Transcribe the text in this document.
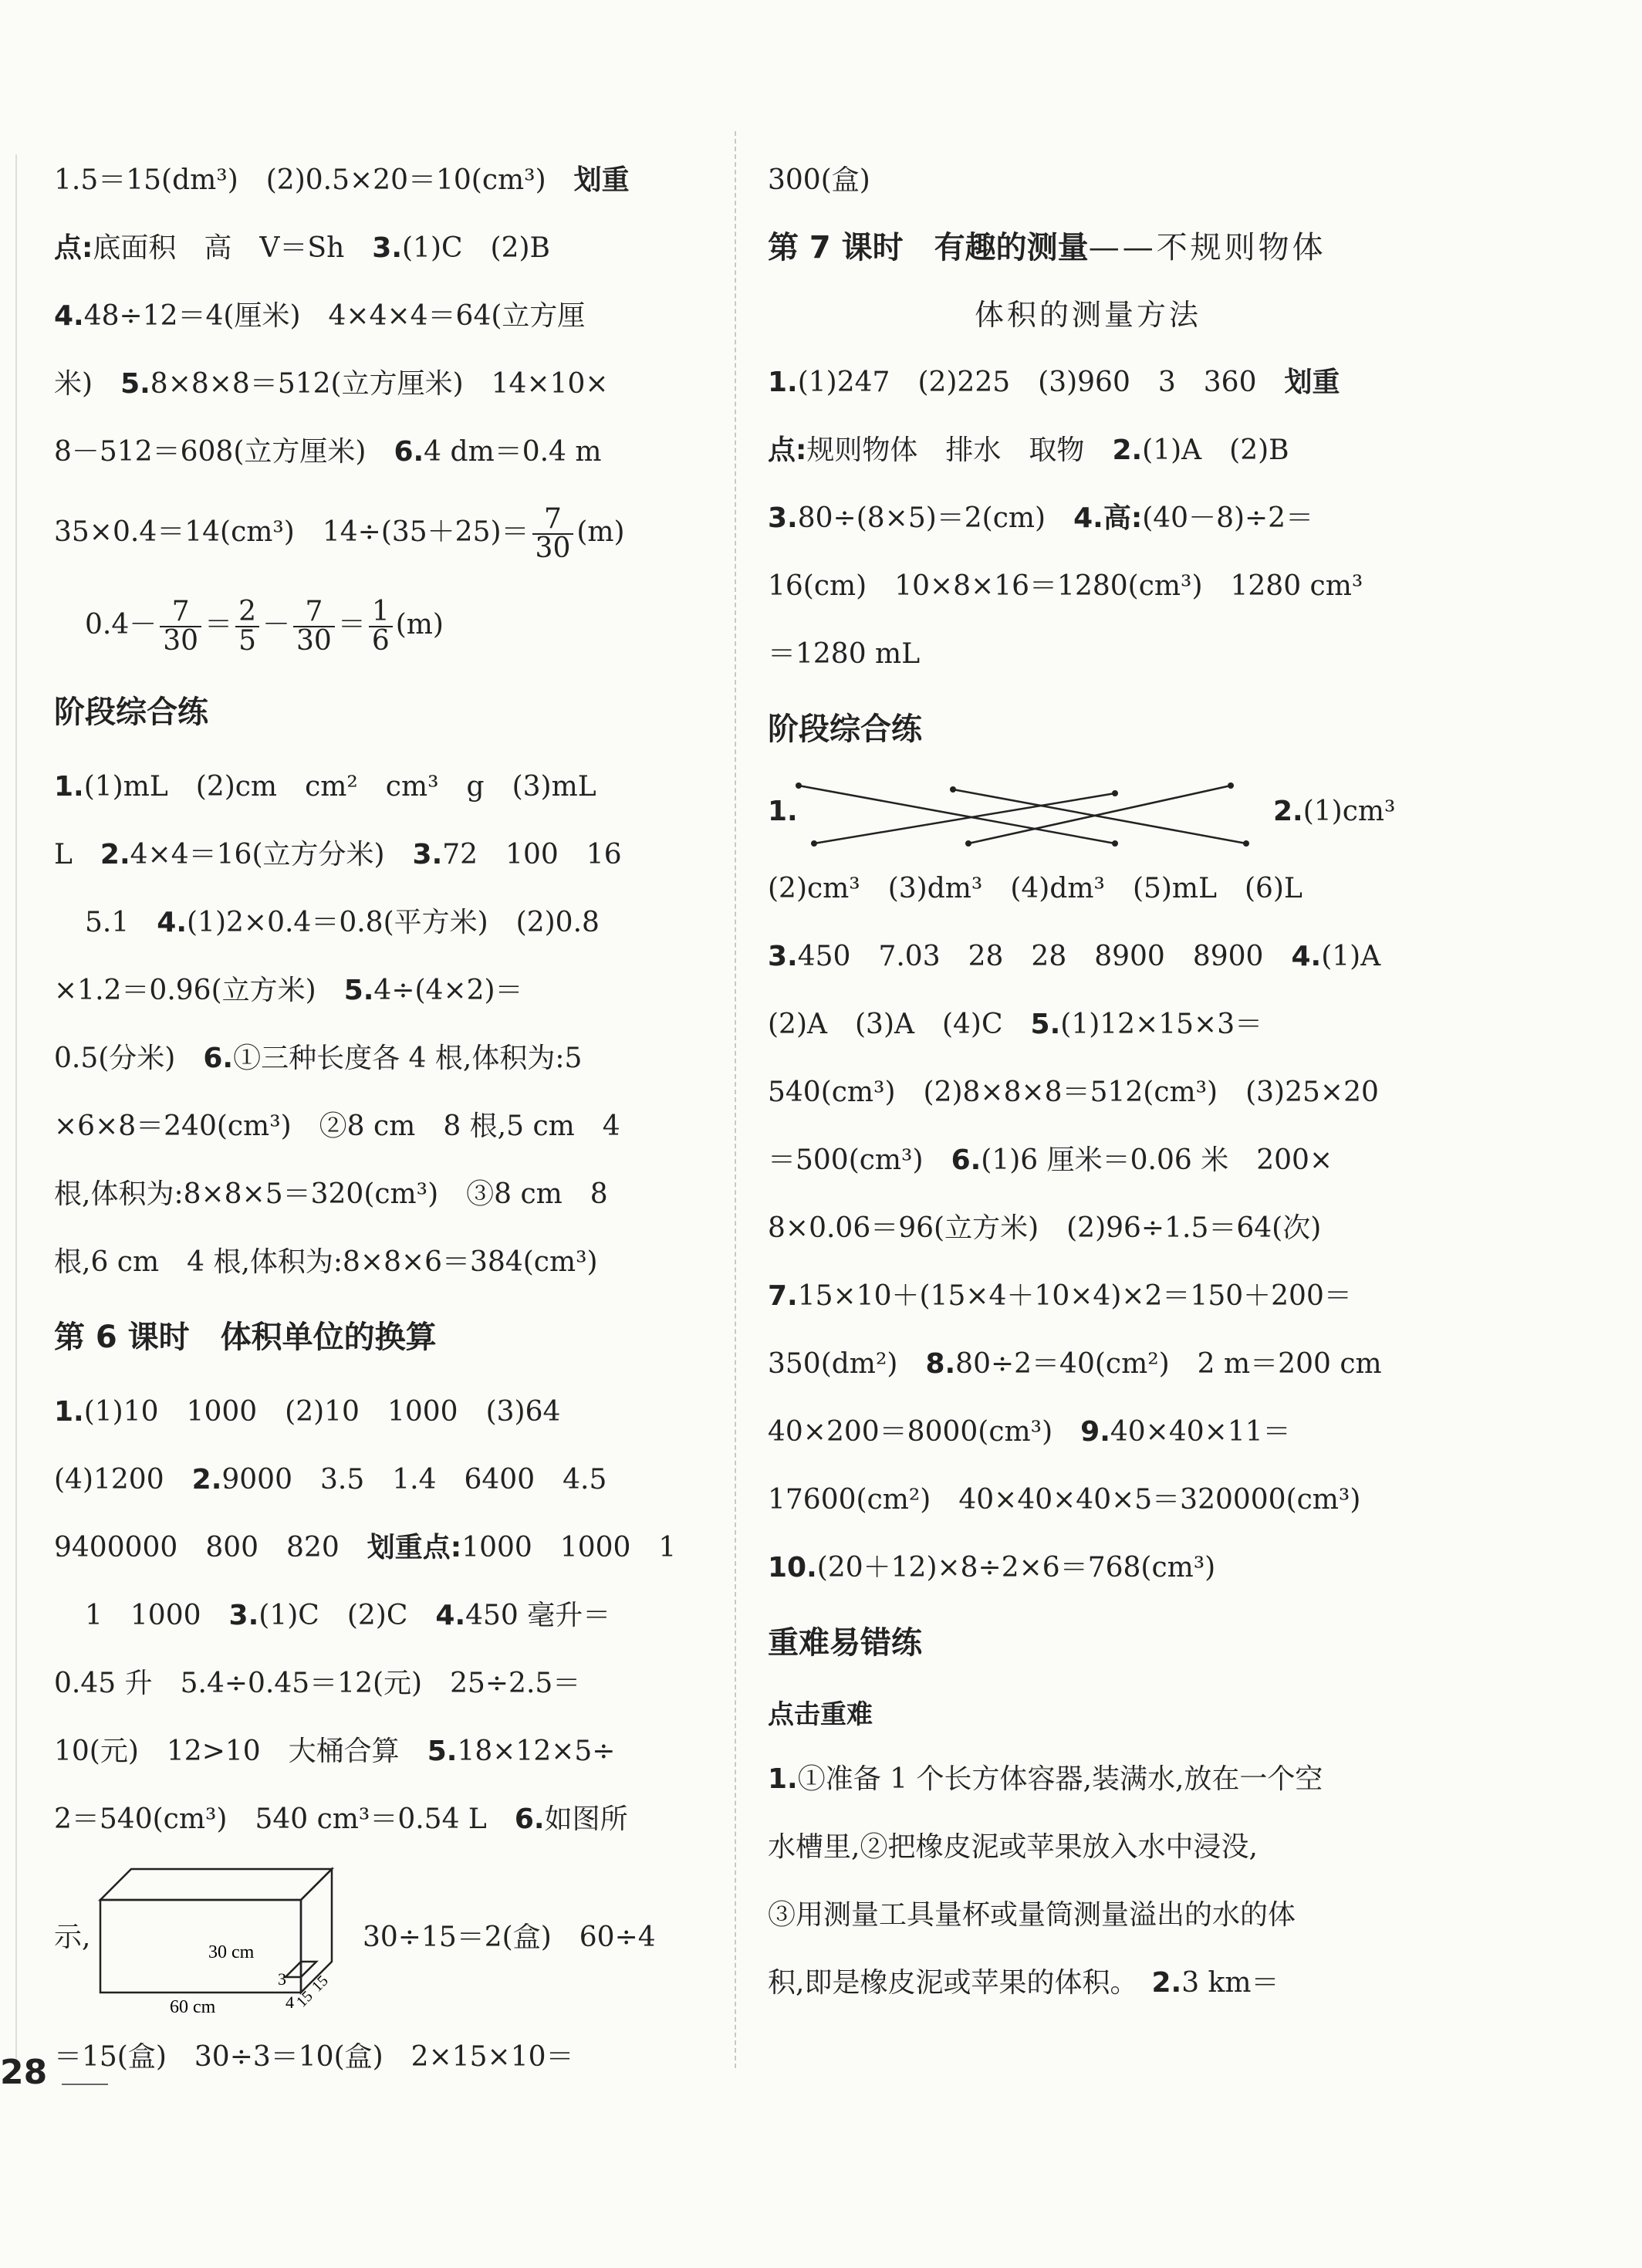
1.5＝15(dm³)　(2)0.5×20＝10(cm³)　 划重

点:底面积　高　V＝Sh　 3.(1)C　(2)B

4.48÷12＝4(厘米)　4×4×4＝64(立方厘

米)　 5.8×8×8＝512(立方厘米)　14×10×

8－512＝608(立方厘米)　 6.4 dm＝0.4 m

35×0.4＝14(cm³)　$14\div(35+25)= \frac{7}{30} (m)$

$0.4- \frac{7}{30} = \frac{2}{5} - \frac{7}{30} = \frac{1}{6} (m)$

阶段综合练

1.(1)mL　(2)cm　cm²　cm³　g　(3)mL

L　 2.4×4＝16(立方分米)　 3.72　100　16

5.1　 4.(1)2×0.4＝0.8(平方米)　(2)0.8

×1.2＝0.96(立方米)　 5.4÷(4×2)＝

0.5(分米)　 6.①三种长度各 4 根,体积为:5

×6×8＝240(cm³)　②8 cm　8 根,5 cm　4

根,体积为:8×8×5＝320(cm³)　③8 cm　8

根,6 cm　4 根,体积为:8×8×6＝384(cm³)

第 6 课时　体积单位的换算

1.(1)10　1000　(2)10　1000　(3)64

(4)1200　 2.9000　3.5　1.4　6400　4.5

9400000　800　820　 划重点:1000　1000　1

1　1000　 3.(1)C　(2)C　 4.450 毫升＝

0.45 升　5.4÷0.45＝12(元)　25÷2.5＝

10(元)　12>10　大桶合算　 5.18×12×5÷

2＝540(cm³)　540 cm³＝0.54 L　 6.如图所

示,	30 cm
60 cm
3
4
15
15
30÷15＝2(盒)　60÷4

＝15(盒)　30÷3＝10(盒)　2×15×10＝

300(盒)

第 7 课时　有趣的测量——不规则物体

体积的测量方法

1.(1)247　(2)225　(3)960　3　360　 划重

点:规则物体　排水　取物　 2.(1)A　(2)B

3.80÷(8×5)＝2(cm)　 4.高:(40－8)÷2＝

16(cm)　10×8×16＝1280(cm³)　1280 cm³

＝1280 mL

阶段综合练
1.	2.(1)cm³

(2)cm³　(3)dm³　(4)dm³　(5)mL　(6)L

3.450　7.03　28　28　8900　8900　 4.(1)A

(2)A　(3)A　(4)C　 5.(1)12×15×3＝

540(cm³)　(2)8×8×8＝512(cm³)　(3)25×20

＝500(cm³)　 6.(1)6 厘米＝0.06 米　200×

8×0.06＝96(立方米)　(2)96÷1.5＝64(次)

7.15×10＋(15×4＋10×4)×2＝150＋200＝

350(dm²)　 8.80÷2＝40(cm²)　2 m＝200 cm

40×200＝8000(cm³)　 9.40×40×11＝

17600(cm²)　40×40×40×5＝320000(cm³)

10.(20＋12)×8÷2×6＝768(cm³)

重难易错练

点击重难

1.①准备 1 个长方体容器,装满水,放在一个空

水槽里,②把橡皮泥或苹果放入水中浸没,

③用测量工具量杯或量筒测量溢出的水的体

积,即是橡皮泥或苹果的体积。　 2.3 km＝

28
